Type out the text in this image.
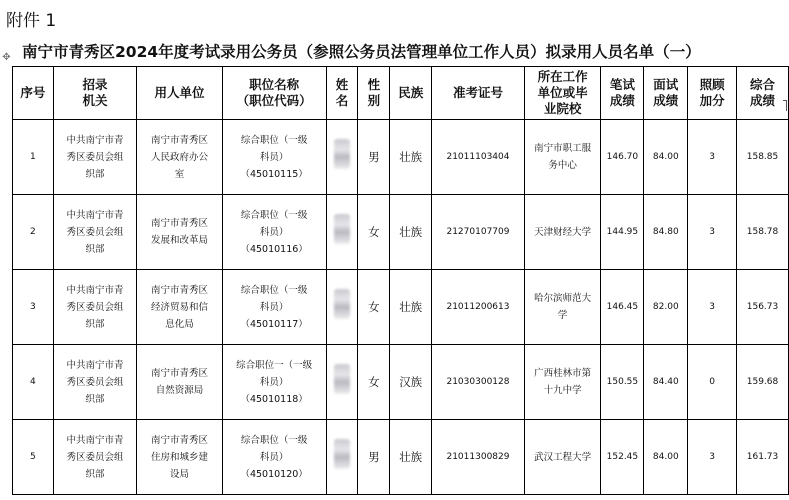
附件 1
✥ 南宁市青秀区2024年度考试录用公务员（参照公务员法管理单位工作人员）拟录用人员名单（一）
序号	招录
机关	用人单位	职位名称
（职位代码）	姓
名	性
别	民族	准考证号	所在工作
单位或毕
业院校	笔试
成绩	面试
成绩	照顾
加分	综合
成绩
1	中共南宁市青
秀区委员会组
织部	南宁市青秀区
人民政府办公
室	综合职位（一级
科员）
（45010115）		男	壮族	21011103404	南宁市职工服
务中心	146.70	84.00	3	158.85
2	中共南宁市青
秀区委员会组
织部	南宁市青秀区
发展和改革局	综合职位（一级
科员）
（45010116）		女	壮族	21270107709	天津财经大学	144.95	84.80	3	158.78
3	中共南宁市青
秀区委员会组
织部	南宁市青秀区
经济贸易和信
息化局	综合职位（一级
科员）
（45010117）		女	壮族	21011200613	哈尔滨师范大
学	146.45	82.00	3	156.73
4	中共南宁市青
秀区委员会组
织部	南宁市青秀区
自然资源局	综合职位一（一级
科员）
（45010118）		女	汉族	21030300128	广西桂林市第
十九中学	150.55	84.40	0	159.68
5	中共南宁市青
秀区委员会组
织部	南宁市青秀区
住房和城乡建
设局	综合职位（一级
科员）
（45010120）		男	壮族	21011300829	武汉工程大学	152.45	84.00	3	161.73
